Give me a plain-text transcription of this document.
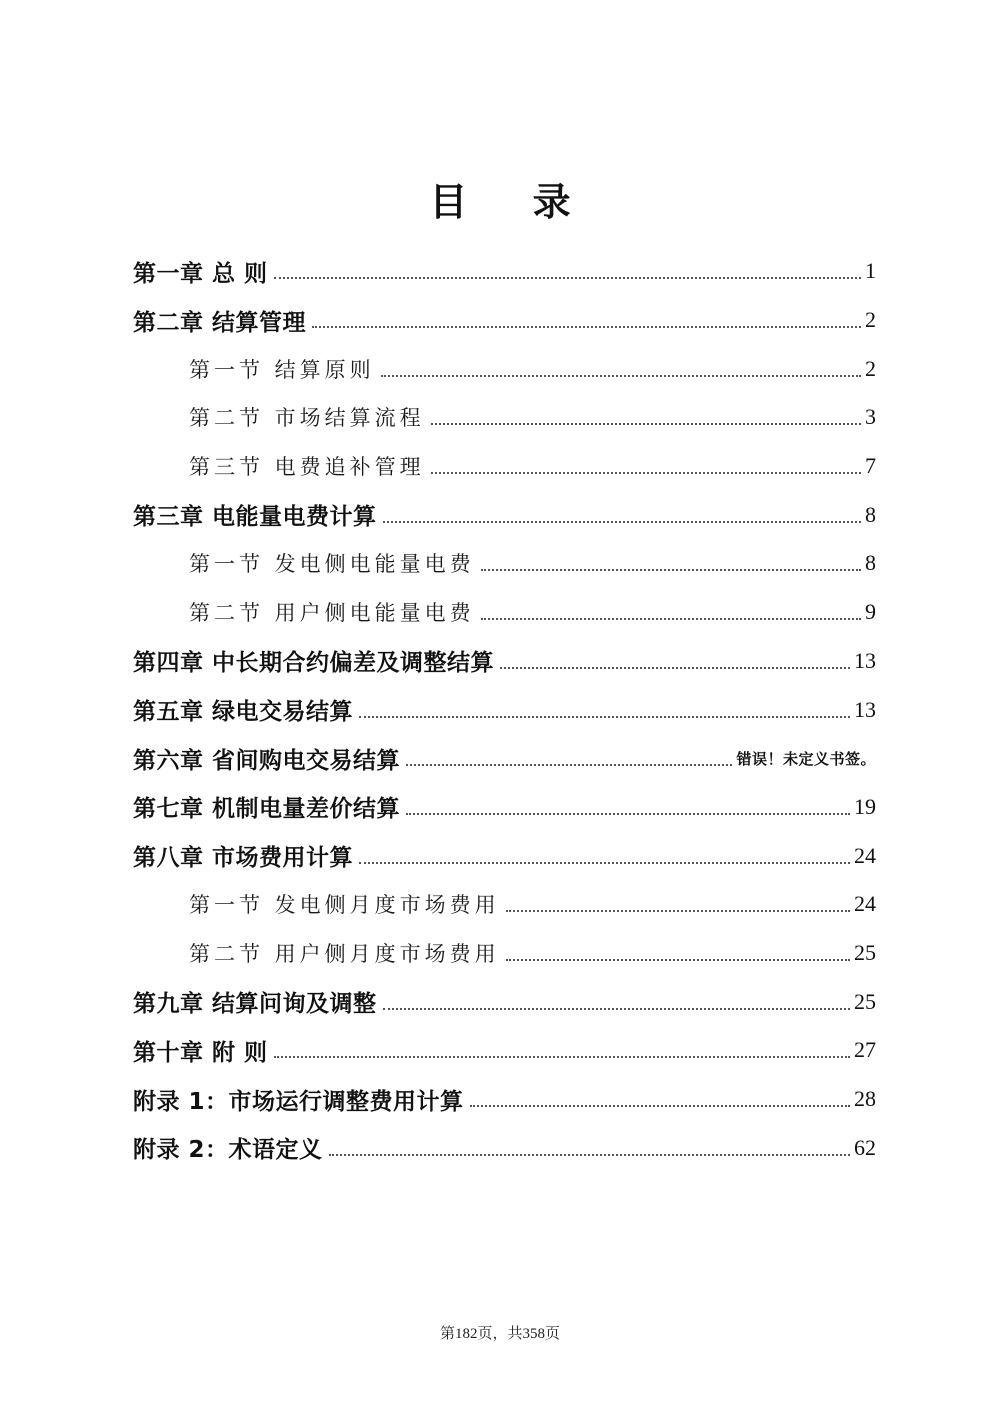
目 录
第一章 总 则	1
第二章 结算管理	2
第一节 结算原则	2
第二节 市场结算流程	3
第三节 电费追补管理	7
第三章 电能量电费计算	8
第一节 发电侧电能量电费	8
第二节 用户侧电能量电费	9
第四章 中长期合约偏差及调整结算	13
第五章 绿电交易结算	13
第六章 省间购电交易结算	错误！未定义书签。
第七章 机制电量差价结算	19
第八章 市场费用计算	24
第一节 发电侧月度市场费用	24
第二节 用户侧月度市场费用	25
第九章 结算问询及调整	25
第十章 附 则	27
附录 1：市场运行调整费用计算	28
附录 2：术语定义	62
第182页，共358页
